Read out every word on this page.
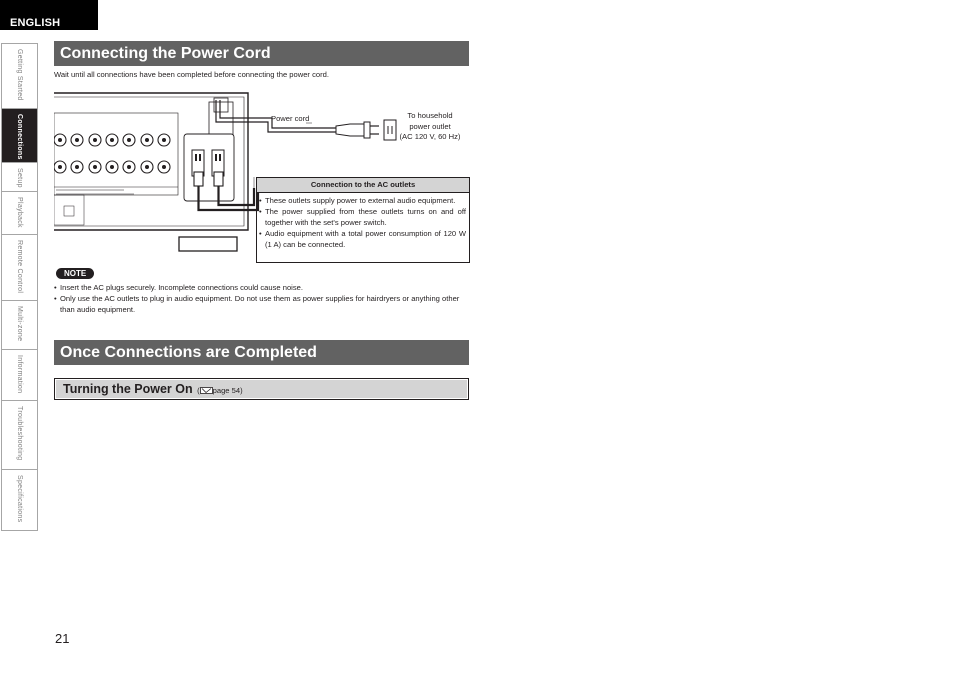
ENGLISH
Getting Started
Connections
Setup
Playback
Remote Control
Multi-zone
Information
Troubleshooting
Specifications
Connecting the Power Cord
Wait until all connections have been completed before connecting the power cord.
Power cord	To household
power outlet
(AC 120 V, 60 Hz)
Connection to the AC outlets
• These outlets supply power to external audio equipment.
• The power supplied from these outlets turns on and off together with the set's power switch.
• Audio equipment with a total power consumption of 120 W (1 A) can be connected.
NOTE
• Insert the AC plugs securely. Incomplete connections could cause noise.
• Only use the AC outlets to plug in audio equipment. Do not use them as power supplies for hairdryers or anything other than audio equipment.
Once Connections are Completed
Turning the Power On ( page 54)
21
